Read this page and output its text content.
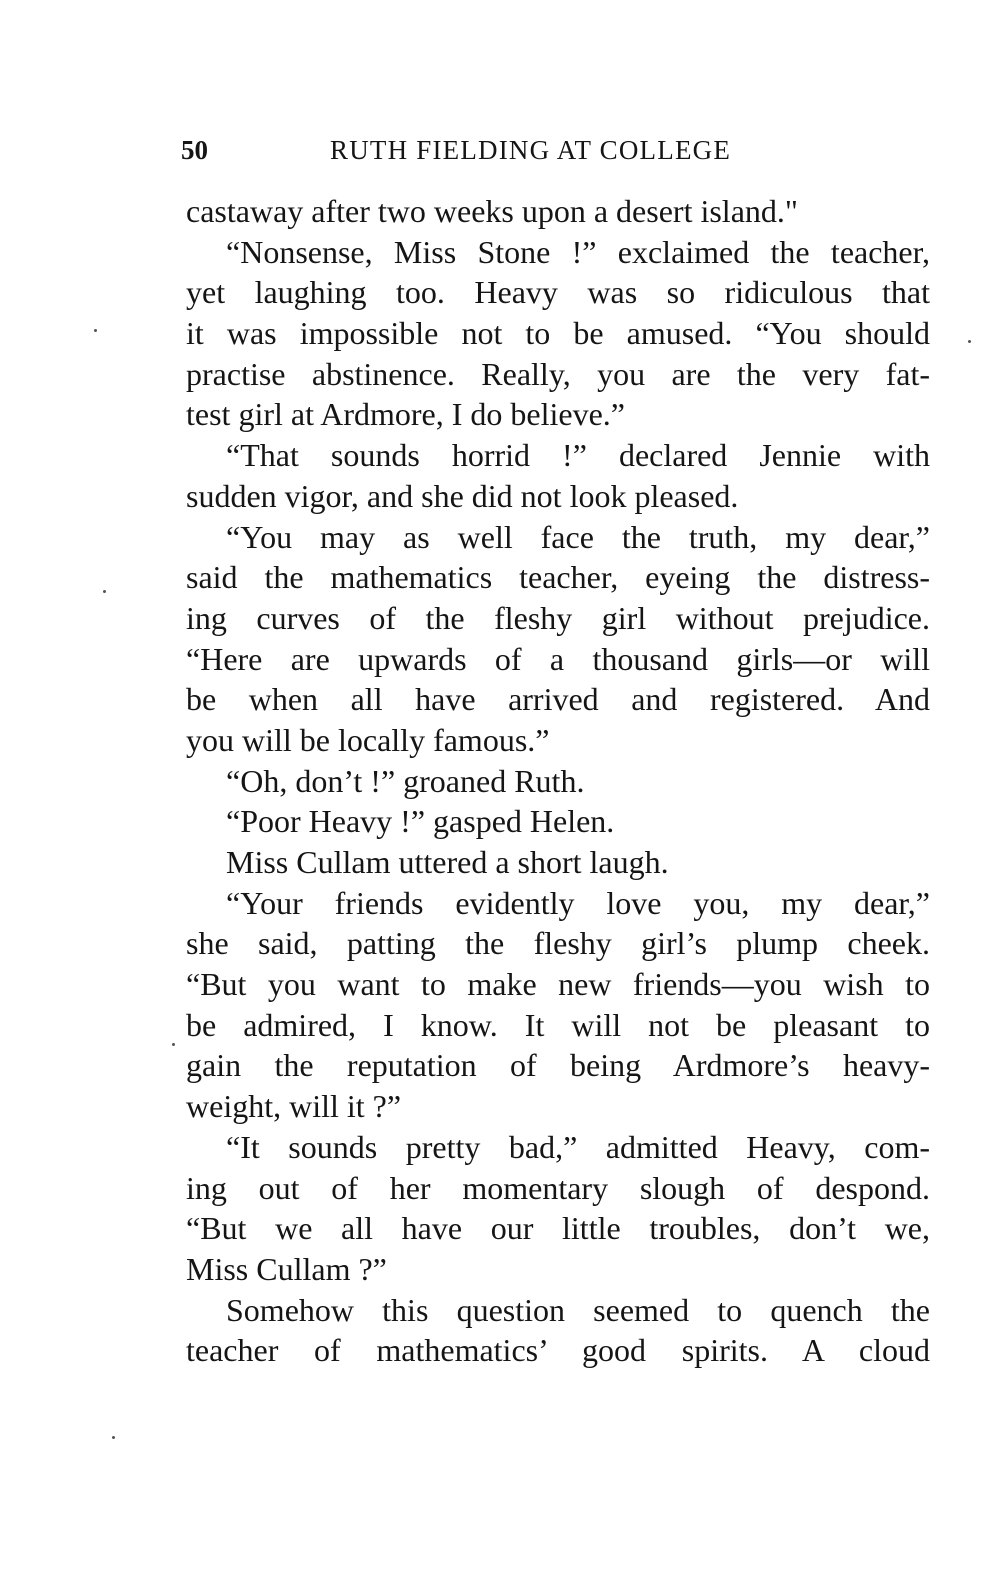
50	RUTH FIELDING AT COLLEGE
castaway after two weeks upon a desert island."
“Nonsense, Miss Stone !” exclaimed the teacher,
yet laughing too. Heavy was so ridiculous that
it was impossible not to be amused. “You should
practise abstinence. Really, you are the very fat-
test girl at Ardmore, I do believe.”
“That sounds horrid !” declared Jennie with
sudden vigor, and she did not look pleased.
“You may as well face the truth, my dear,”
said the mathematics teacher, eyeing the distress-
ing curves of the fleshy girl without prejudice.
“Here are upwards of a thousand girls—or will
be when all have arrived and registered. And
you will be locally famous.”
“Oh, don’t !” groaned Ruth.
“Poor Heavy !” gasped Helen.
Miss Cullam uttered a short laugh.
“Your friends evidently love you, my dear,”
she said, patting the fleshy girl’s plump cheek.
“But you want to make new friends—you wish to
be admired, I know. It will not be pleasant to
gain the reputation of being Ardmore’s heavy-
weight, will it ?”
“It sounds pretty bad,” admitted Heavy, com-
ing out of her momentary slough of despond.
“But we all have our little troubles, don’t we,
Miss Cullam ?”
Somehow this question seemed to quench the
teacher of mathematics’ good spirits. A cloud
